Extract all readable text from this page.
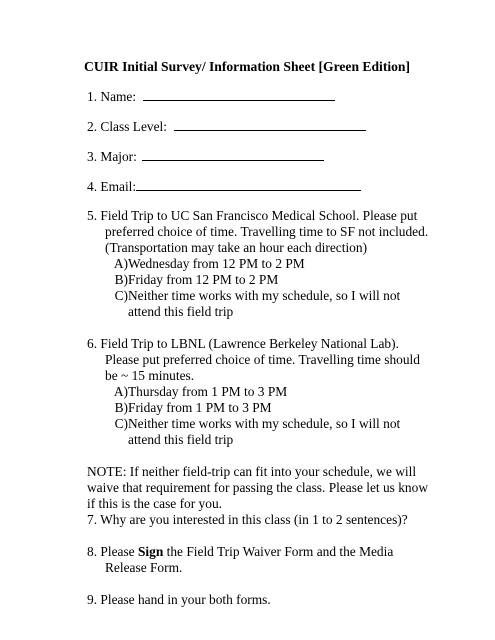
CUIR Initial Survey/ Information Sheet [Green Edition]
1. Name:
2. Class Level:
3. Major:
4. Email:
5. Field Trip to UC San Francisco Medical School. Please put
preferred choice of time. Travelling time to SF not included.
(Transportation may take an hour each direction)
A)Wednesday from 12 PM to 2 PM
B)Friday from 12 PM to 2 PM
C)Neither time works with my schedule, so I will not
attend this field trip
6. Field Trip to LBNL (Lawrence Berkeley National Lab).
Please put preferred choice of time. Travelling time should
be ~ 15 minutes.
A)Thursday from 1 PM to 3 PM
B)Friday from 1 PM to 3 PM
C)Neither time works with my schedule, so I will not
attend this field trip
NOTE: If neither field-trip can fit into your schedule, we will
waive that requirement for passing the class. Please let us know
if this is the case for you.
7. Why are you interested in this class (in 1 to 2 sentences)?
8. Please Sign the Field Trip Waiver Form and the Media
Release Form.
9. Please hand in your both forms.
